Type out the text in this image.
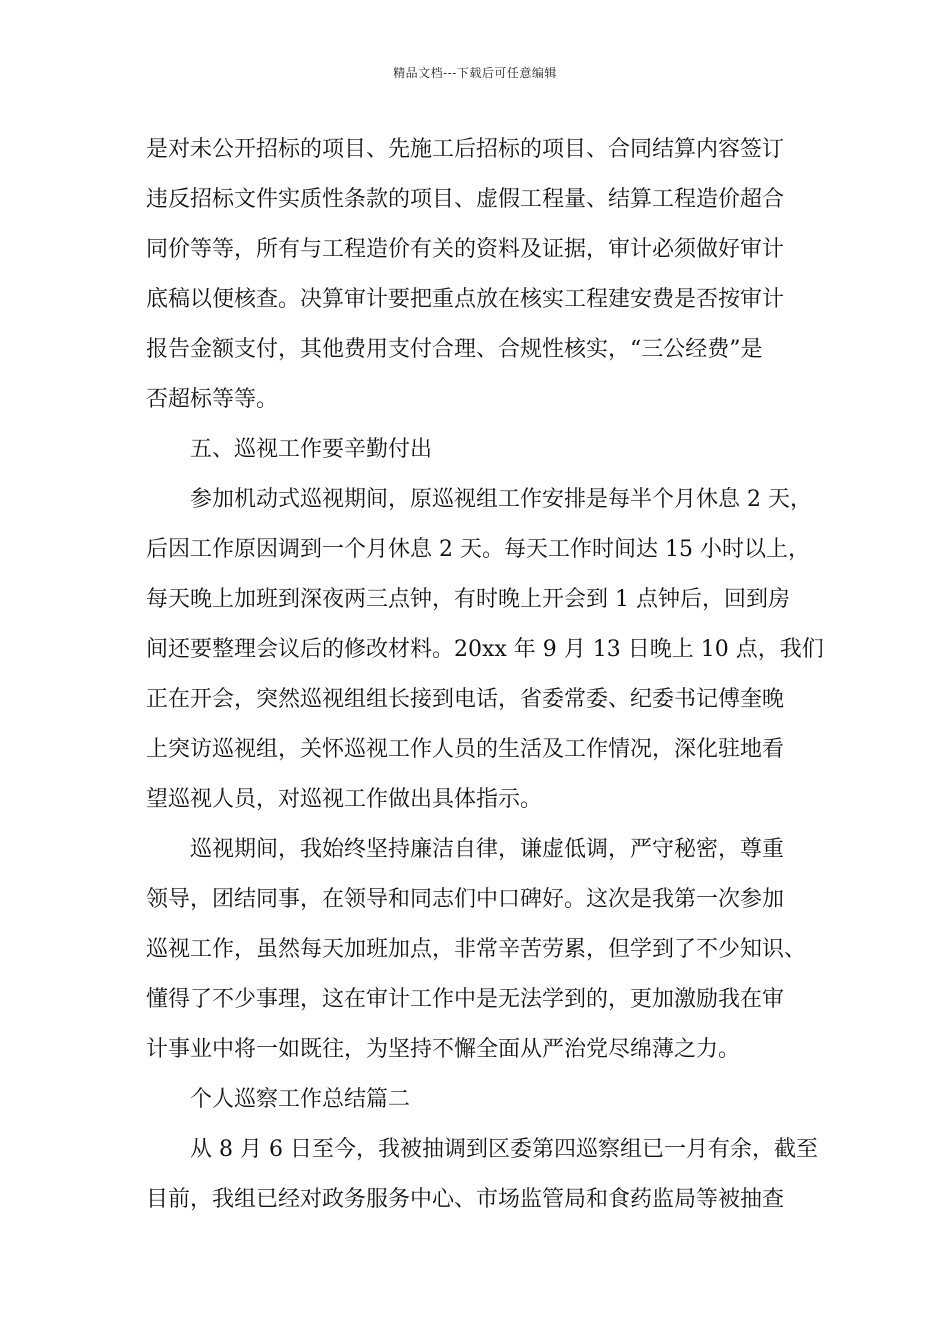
精品文档---下载后可任意编辑
是对未公开招标的项目、先施工后招标的项目、合同结算内容签订
违反招标文件实质性条款的项目、虚假工程量、结算工程造价超合
同价等等，所有与工程造价有关的资料及证据，审计必须做好审计
底稿以便核查。决算审计要把重点放在核实工程建安费是否按审计
报告金额支付，其他费用支付合理、合规性核实，“三公经费”是
否超标等等。
五、巡视工作要辛勤付出
参加机动式巡视期间，原巡视组工作安排是每半个月休息 2 天，
后因工作原因调到一个月休息 2 天。每天工作时间达 15 小时以上，
每天晚上加班到深夜两三点钟，有时晚上开会到 1 点钟后，回到房
间还要整理会议后的修改材料。20xx 年 9 月 13 日晚上 10 点，我们
正在开会，突然巡视组组长接到电话，省委常委、纪委书记傅奎晚
上突访巡视组，关怀巡视工作人员的生活及工作情况，深化驻地看
望巡视人员，对巡视工作做出具体指示。
巡视期间，我始终坚持廉洁自律，谦虚低调，严守秘密，尊重
领导，团结同事，在领导和同志们中口碑好。这次是我第一次参加
巡视工作，虽然每天加班加点，非常辛苦劳累，但学到了不少知识、
懂得了不少事理，这在审计工作中是无法学到的，更加激励我在审
计事业中将一如既往，为坚持不懈全面从严治党尽绵薄之力。
个人巡察工作总结篇二
从 8 月 6 日至今，我被抽调到区委第四巡察组已一月有余，截至
目前，我组已经对政务服务中心、市场监管局和食药监局等被抽查
